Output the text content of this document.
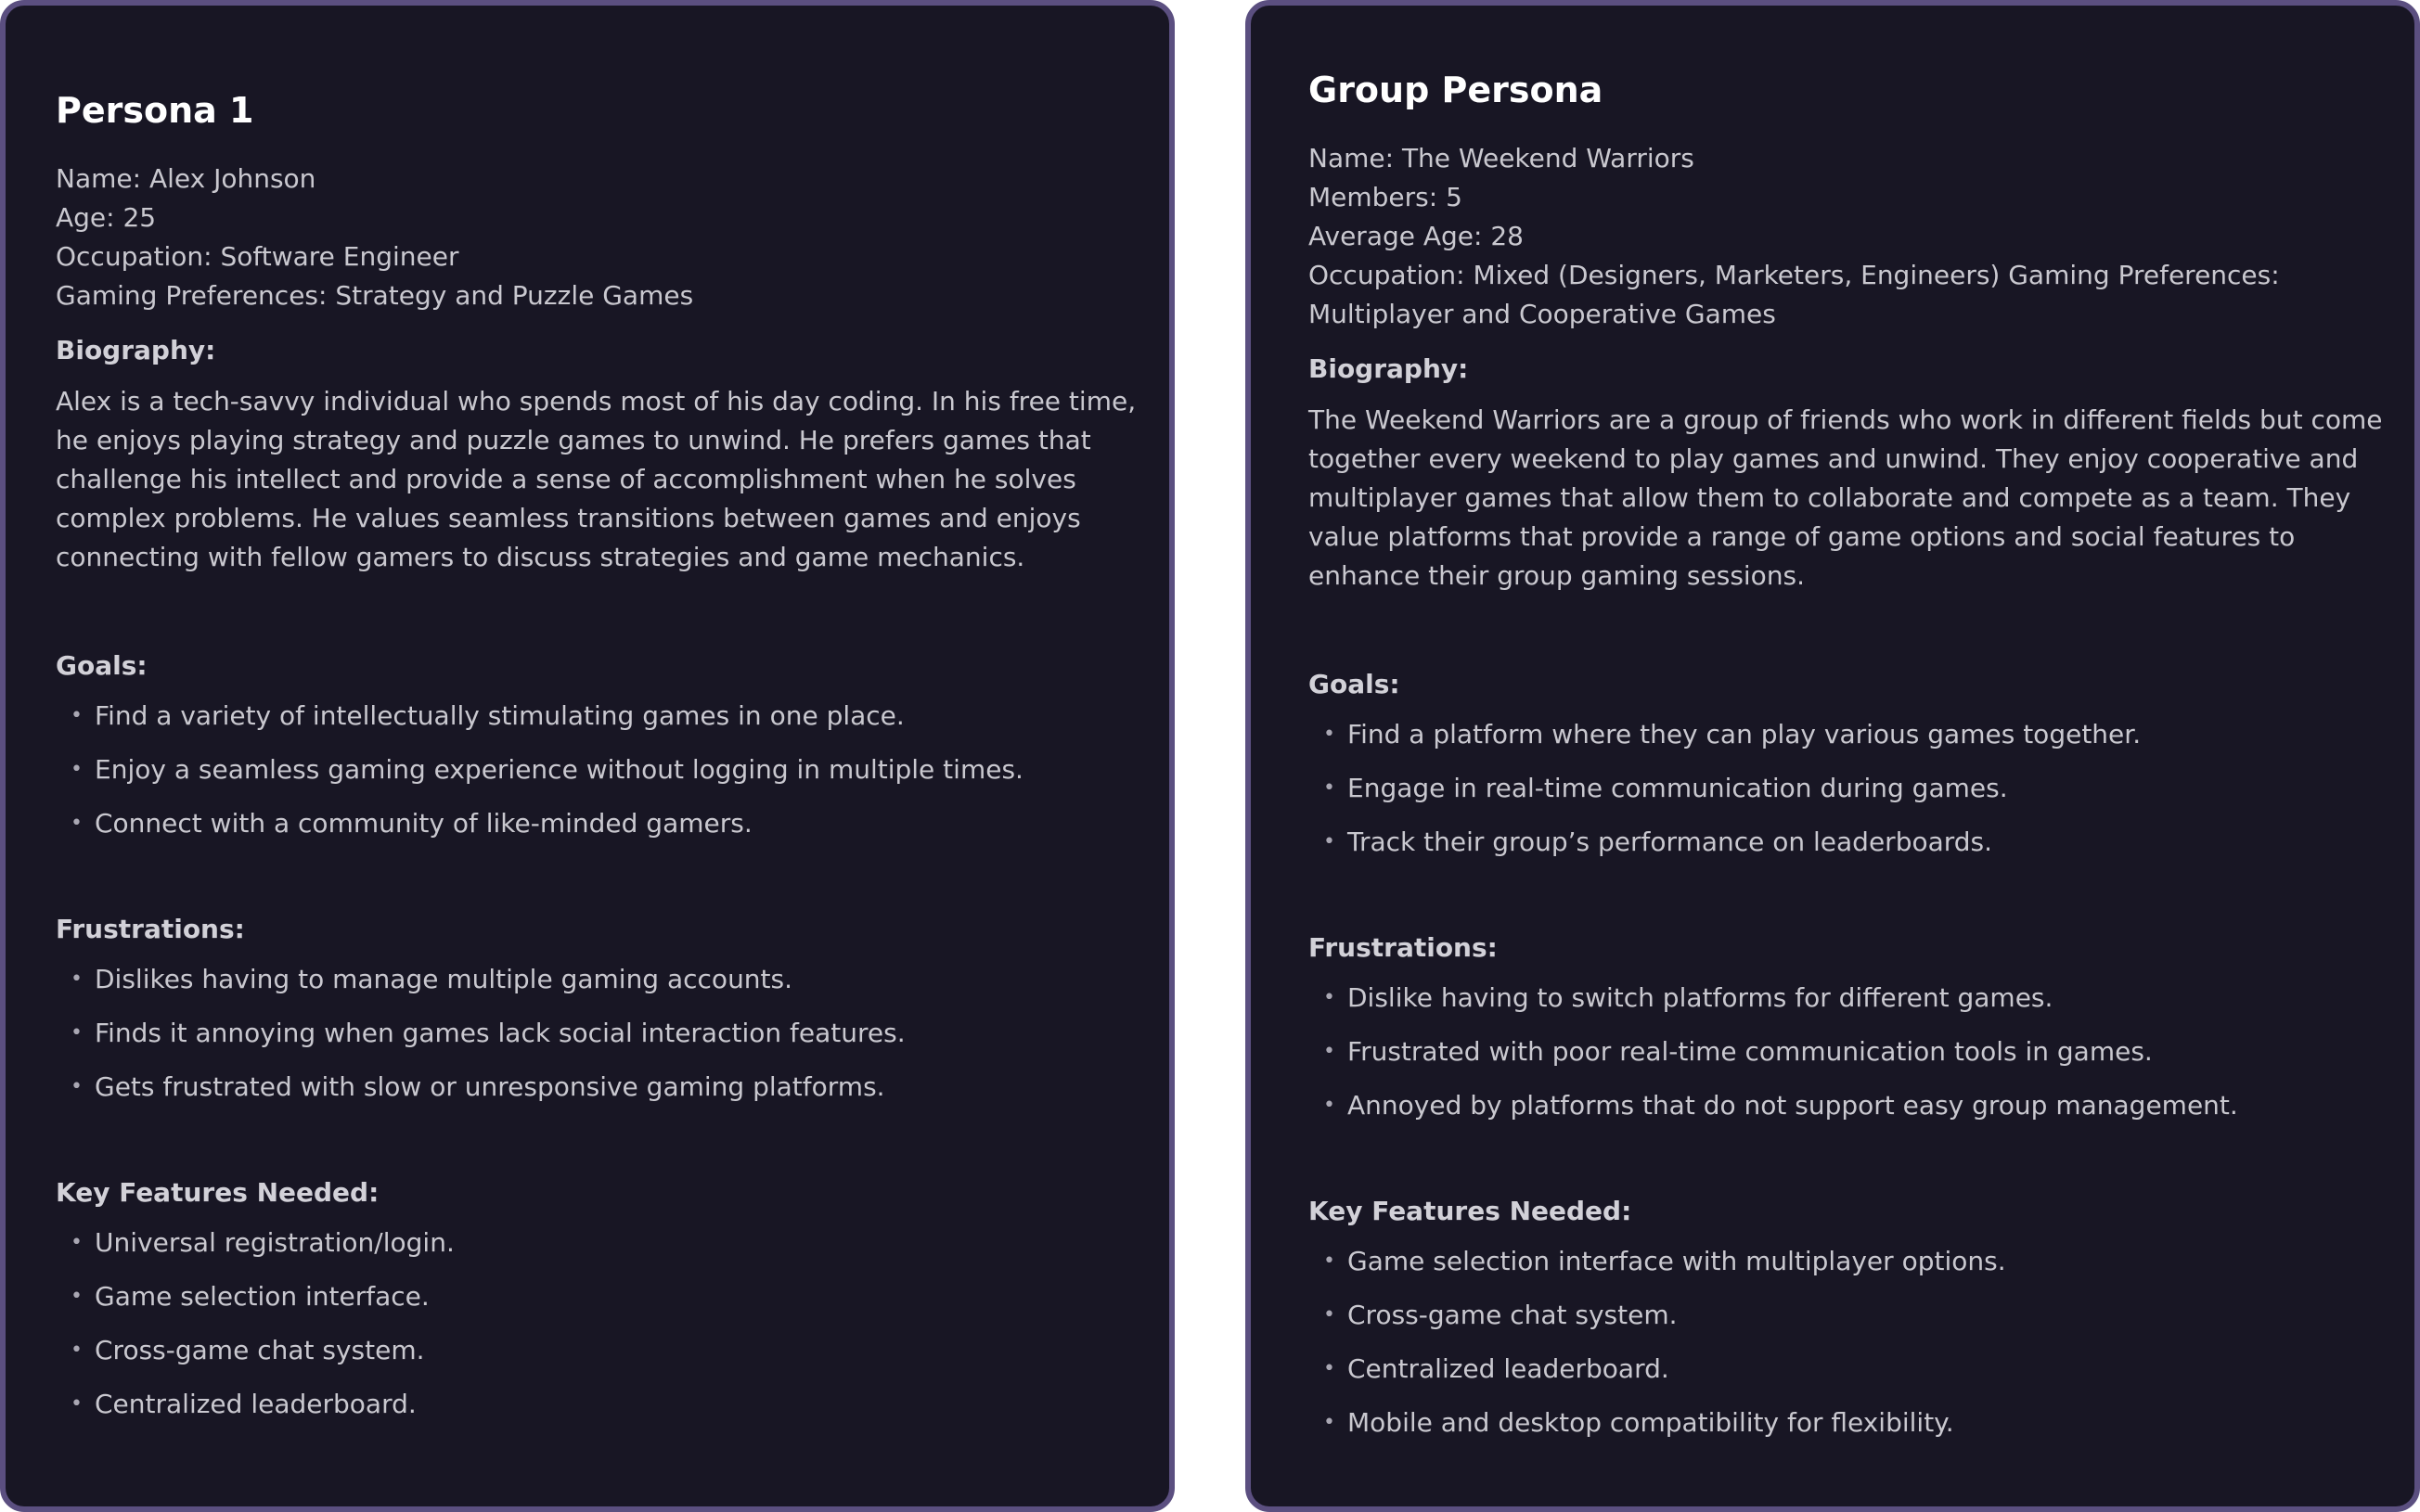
Persona 1
Name: Alex Johnson
Age: 25
Occupation: Software Engineer
Gaming Preferences: Strategy and Puzzle Games
Biography:

Alex is a tech-savvy individual who spends most of his day coding. In his free time, he enjoys playing strategy and puzzle games to unwind. He prefers games that challenge his intellect and provide a sense of accomplishment when he solves complex problems. He values seamless transitions between games and enjoys connecting with fellow gamers to discuss strategies and game mechanics.

Goals:
• Find a variety of intellectually stimulating games in one place.
• Enjoy a seamless gaming experience without logging in multiple times.
• Connect with a community of like-minded gamers.
Frustrations:
• Dislikes having to manage multiple gaming accounts.
• Finds it annoying when games lack social interaction features.
• Gets frustrated with slow or unresponsive gaming platforms.
Key Features Needed:
• Universal registration/login.
• Game selection interface.
• Cross-game chat system.
• Centralized leaderboard.
Group Persona
Name: The Weekend Warriors
Members: 5
Average Age: 28
Occupation: Mixed (Designers, Marketers, Engineers) Gaming Preferences: Multiplayer and Cooperative Games
Biography:

The Weekend Warriors are a group of friends who work in different fields but come together every weekend to play games and unwind. They enjoy cooperative and multiplayer games that allow them to collaborate and compete as a team. They value platforms that provide a range of game options and social features to enhance their group gaming sessions.

Goals:
• Find a platform where they can play various games together.
• Engage in real-time communication during games.
• Track their group’s performance on leaderboards.
Frustrations:
• Dislike having to switch platforms for different games.
• Frustrated with poor real-time communication tools in games.
• Annoyed by platforms that do not support easy group management.
Key Features Needed:
• Game selection interface with multiplayer options.
• Cross-game chat system.
• Centralized leaderboard.
• Mobile and desktop compatibility for flexibility.
